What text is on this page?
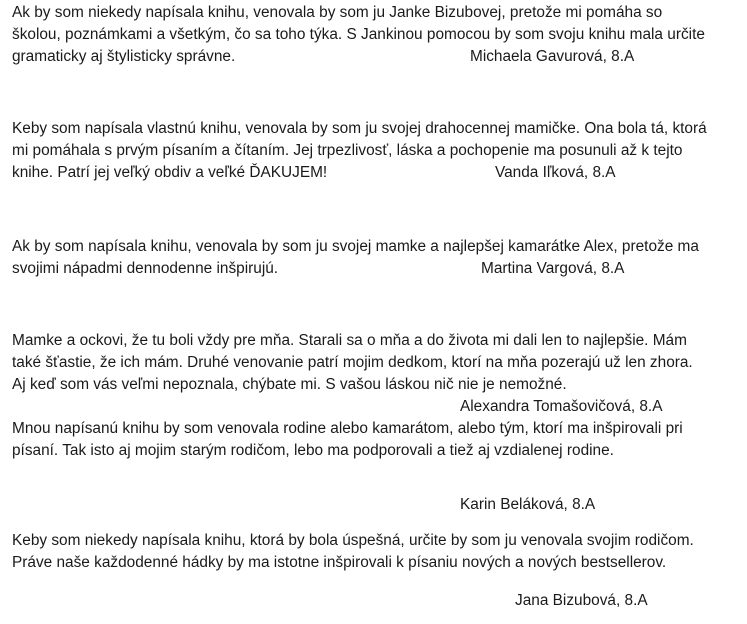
Ak by som niekedy napísala knihu, venovala by som ju Janke Bizubovej, pretože mi pomáha so
školou, poznámkami a všetkým, čo sa toho týka. S Jankinou pomocou by som svoju knihu mala určite
gramaticky aj štylisticky správne.	Michaela Gavurová, 8.A
Keby som napísala vlastnú knihu, venovala by som ju svojej drahocennej mamičke. Ona bola tá, ktorá
mi pomáhala s prvým písaním a čítaním. Jej trpezlivosť, láska a pochopenie ma posunuli až k tejto
knihe. Patrí jej veľký obdiv a veľké ĎAKUJEM!	Vanda Iľková, 8.A
Ak by som napísala knihu, venovala by som ju svojej mamke a najlepšej kamarátke Alex, pretože ma
svojimi nápadmi dennodenne inšpirujú.	Martina Vargová, 8.A
Mamke a ockovi, že tu boli vždy pre mňa. Starali sa o mňa a do života mi dali len to najlepšie. Mám
také šťastie, že ich mám. Druhé venovanie patrí mojim dedkom, ktorí na mňa pozerajú už len zhora.
Aj keď som vás veľmi nepoznala, chýbate mi. S vašou láskou nič nie je nemožné.
Alexandra Tomašovičová, 8.A
Mnou napísanú knihu by som venovala rodine alebo kamarátom, alebo tým, ktorí ma inšpirovali pri
písaní. Tak isto aj mojim starým rodičom, lebo ma podporovali a tiež aj vzdialenej rodine.
Karin Beláková, 8.A
Keby som niekedy napísala knihu, ktorá by bola úspešná, určite by som ju venovala svojim rodičom.
Práve naše každodenné hádky by ma istotne inšpirovali k písaniu nových a nových bestsellerov.
Jana Bizubová, 8.A
